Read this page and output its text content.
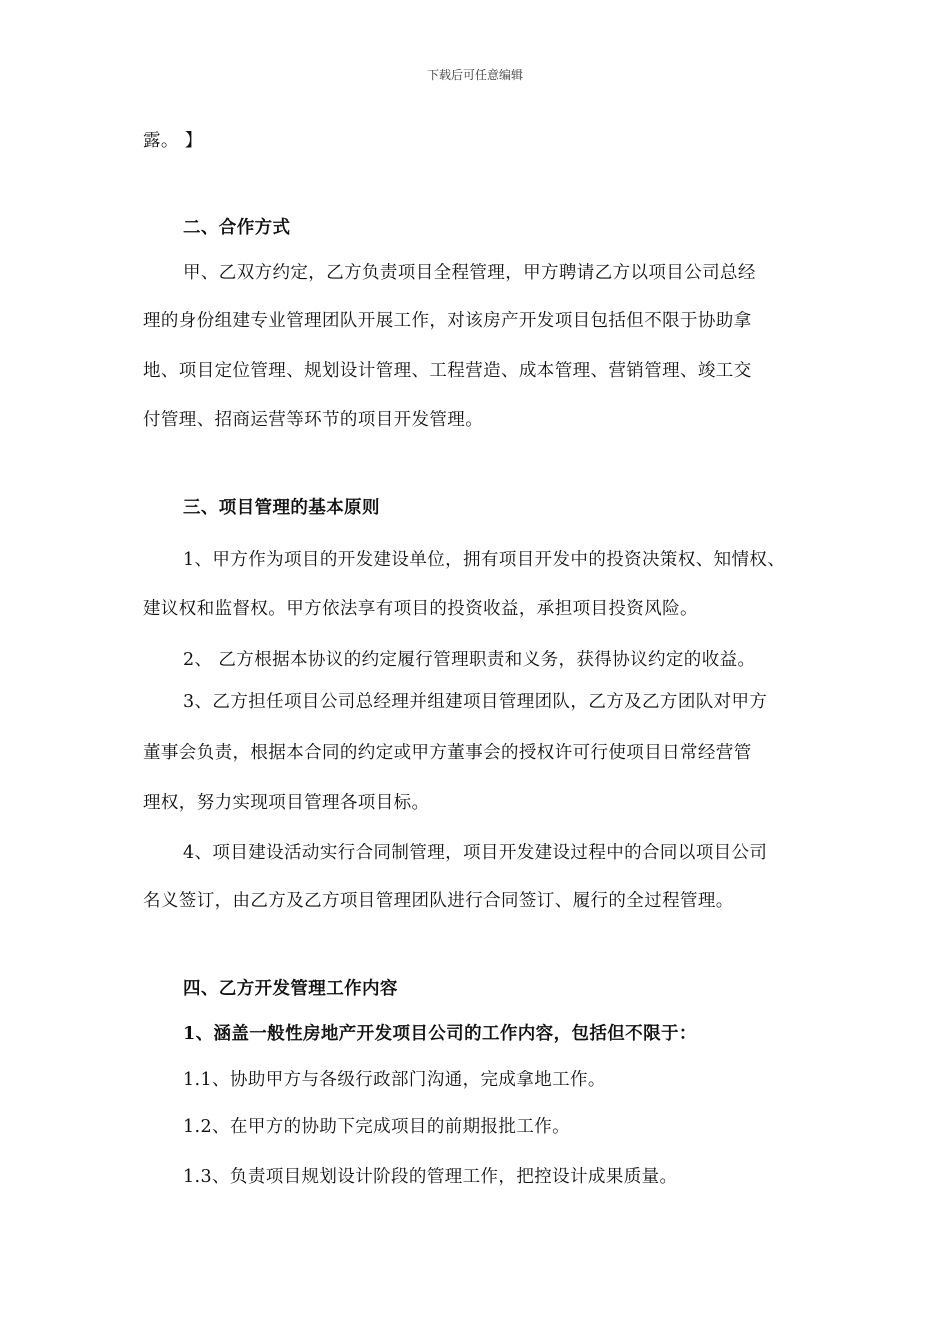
下载后可任意编辑
露。 】
二、合作方式
甲、乙双方约定，乙方负责项目全程管理，甲方聘请乙方以项目公司总经
理的身份组建专业管理团队开展工作，对该房产开发项目包括但不限于协助拿
地、项目定位管理、规划设计管理、工程营造、成本管理、营销管理、竣工交
付管理、招商运营等环节的项目开发管理。
三、项目管理的基本原则
1、甲方作为项目的开发建设单位，拥有项目开发中的投资决策权、知情权、
建议权和监督权。甲方依法享有项目的投资收益，承担项目投资风险。
2、 乙方根据本协议的约定履行管理职责和义务，获得协议约定的收益。
3、乙方担任项目公司总经理并组建项目管理团队，乙方及乙方团队对甲方
董事会负责，根据本合同的约定或甲方董事会的授权许可行使项目日常经营管
理权，努力实现项目管理各项目标。
4、项目建设活动实行合同制管理，项目开发建设过程中的合同以项目公司
名义签订，由乙方及乙方项目管理团队进行合同签订、履行的全过程管理。
四、乙方开发管理工作内容
1、涵盖一般性房地产开发项目公司的工作内容，包括但不限于：
1.1、协助甲方与各级行政部门沟通，完成拿地工作。
1.2、在甲方的协助下完成项目的前期报批工作。
1.3、负责项目规划设计阶段的管理工作，把控设计成果质量。
